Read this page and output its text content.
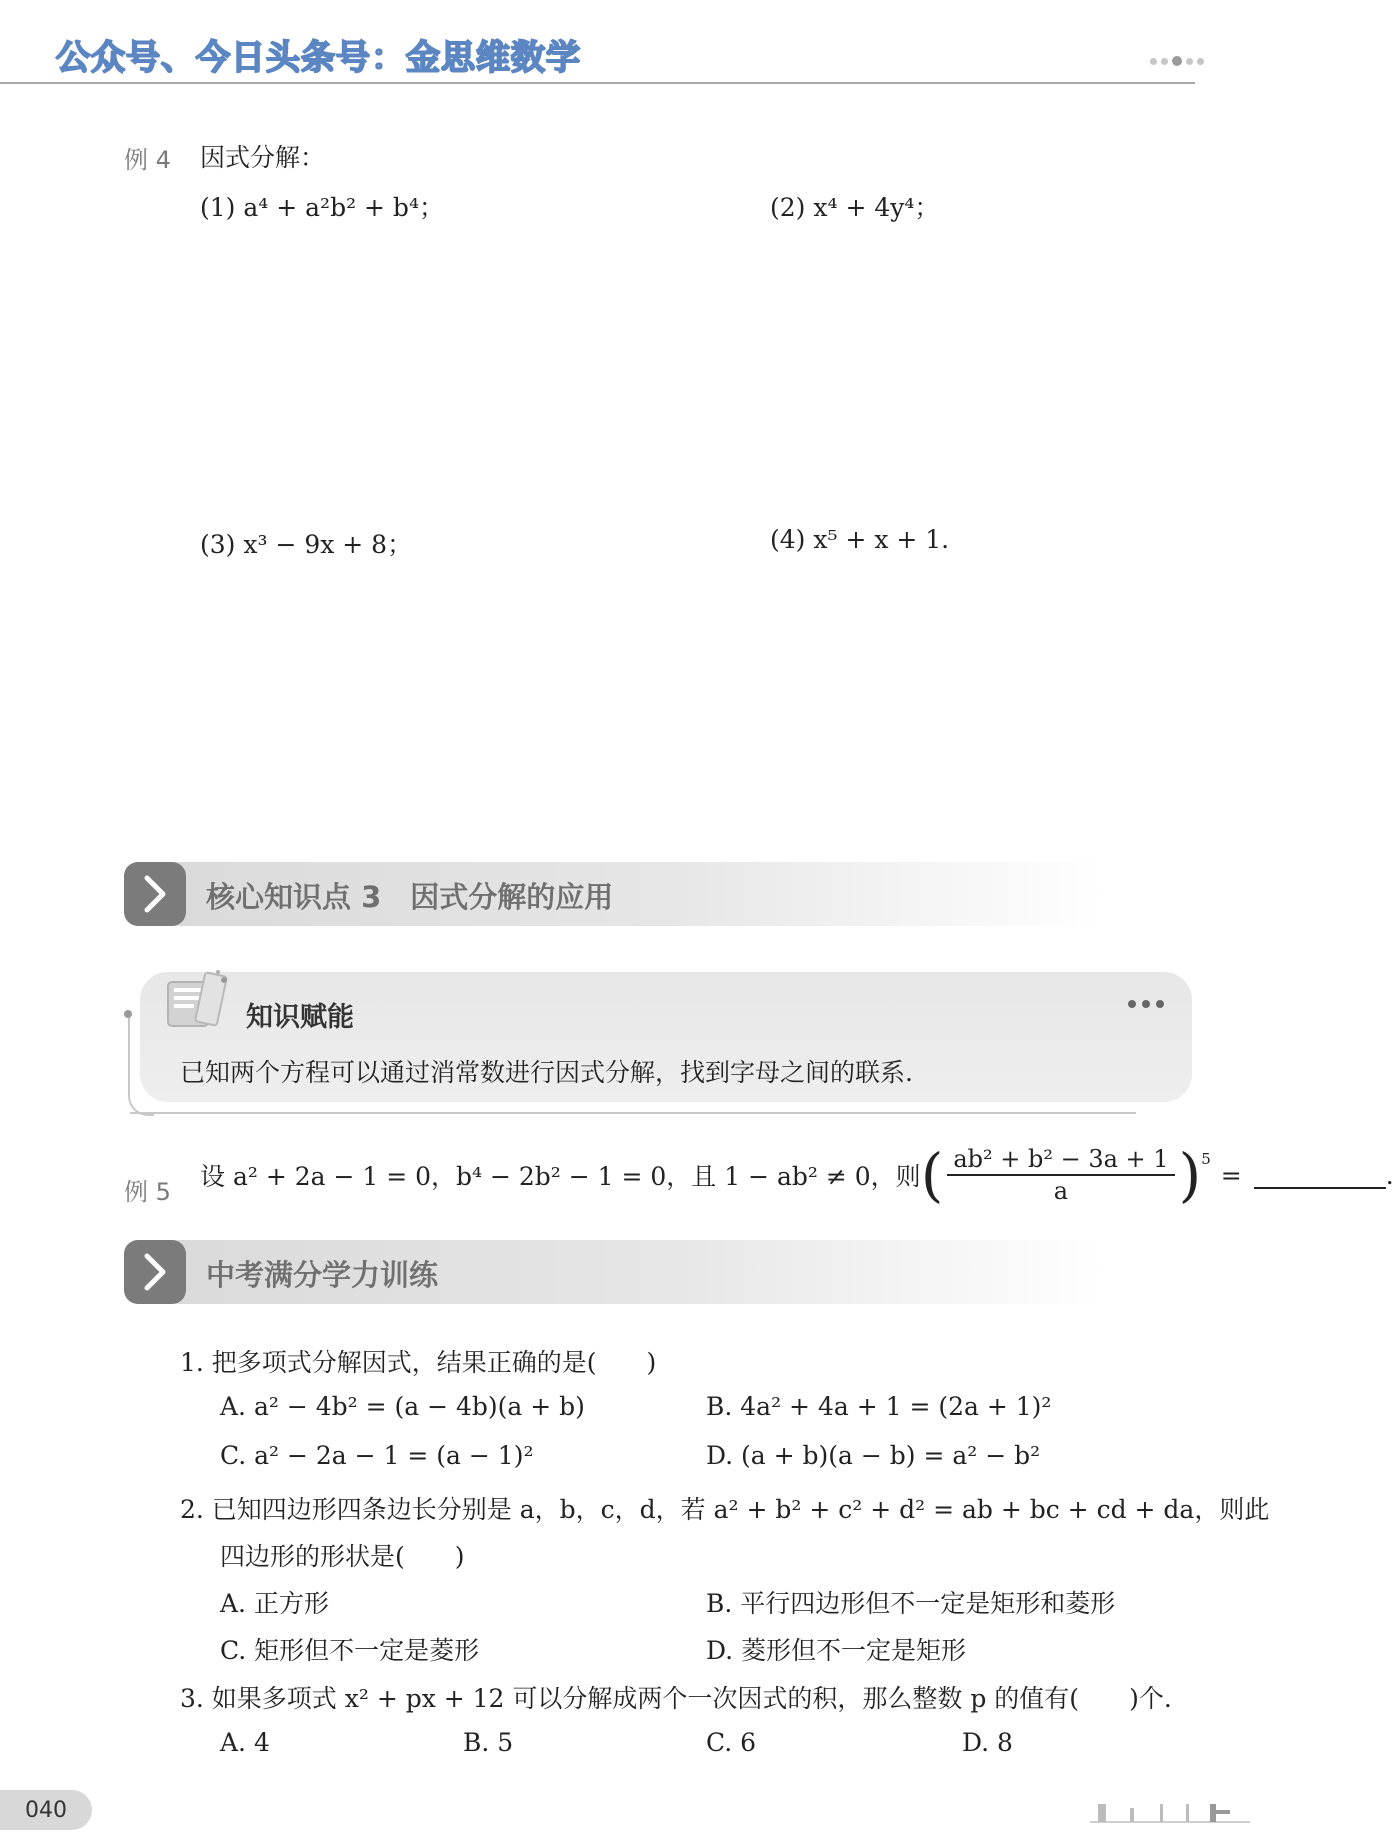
公众号、今日头条号：金思维数学
例 4 因式分解：
(1) a⁴ + a²b² + b⁴；	(2) x⁴ + 4y⁴；
(3) x³ − 9x + 8；	(4) x⁵ + x + 1.
核心知识点 3　因式分解的应用
知识赋能
已知两个方程可以通过消常数进行因式分解，找到字母之间的联系.
例 5
设 a² + 2a − 1 = 0，b⁴ − 2b² − 1 = 0，且 1 − ab² ≠ 0，则 ( $\frac{\text{ab² + b² − 3a + 1}}{a}$ ) 5
=	.
中考满分学力训练
1. 把多项式分解因式，结果正确的是(　　)
A. a² − 4b² = (a − 4b)(a + b)	B. 4a² + 4a + 1 = (2a + 1)²
C. a² − 2a − 1 = (a − 1)²	D. (a + b)(a − b) = a² − b²
2. 已知四边形四条边长分别是 a，b，c，d，若 a² + b² + c² + d² = ab + bc + cd + da，则此
四边形的形状是(　　)
A. 正方形	B. 平行四边形但不一定是矩形和菱形
C. 矩形但不一定是菱形	D. 菱形但不一定是矩形
3. 如果多项式 x² + px + 12 可以分解成两个一次因式的积，那么整数 p 的值有(　　)个.
A. 4	B. 5	C. 6	D. 8
040
